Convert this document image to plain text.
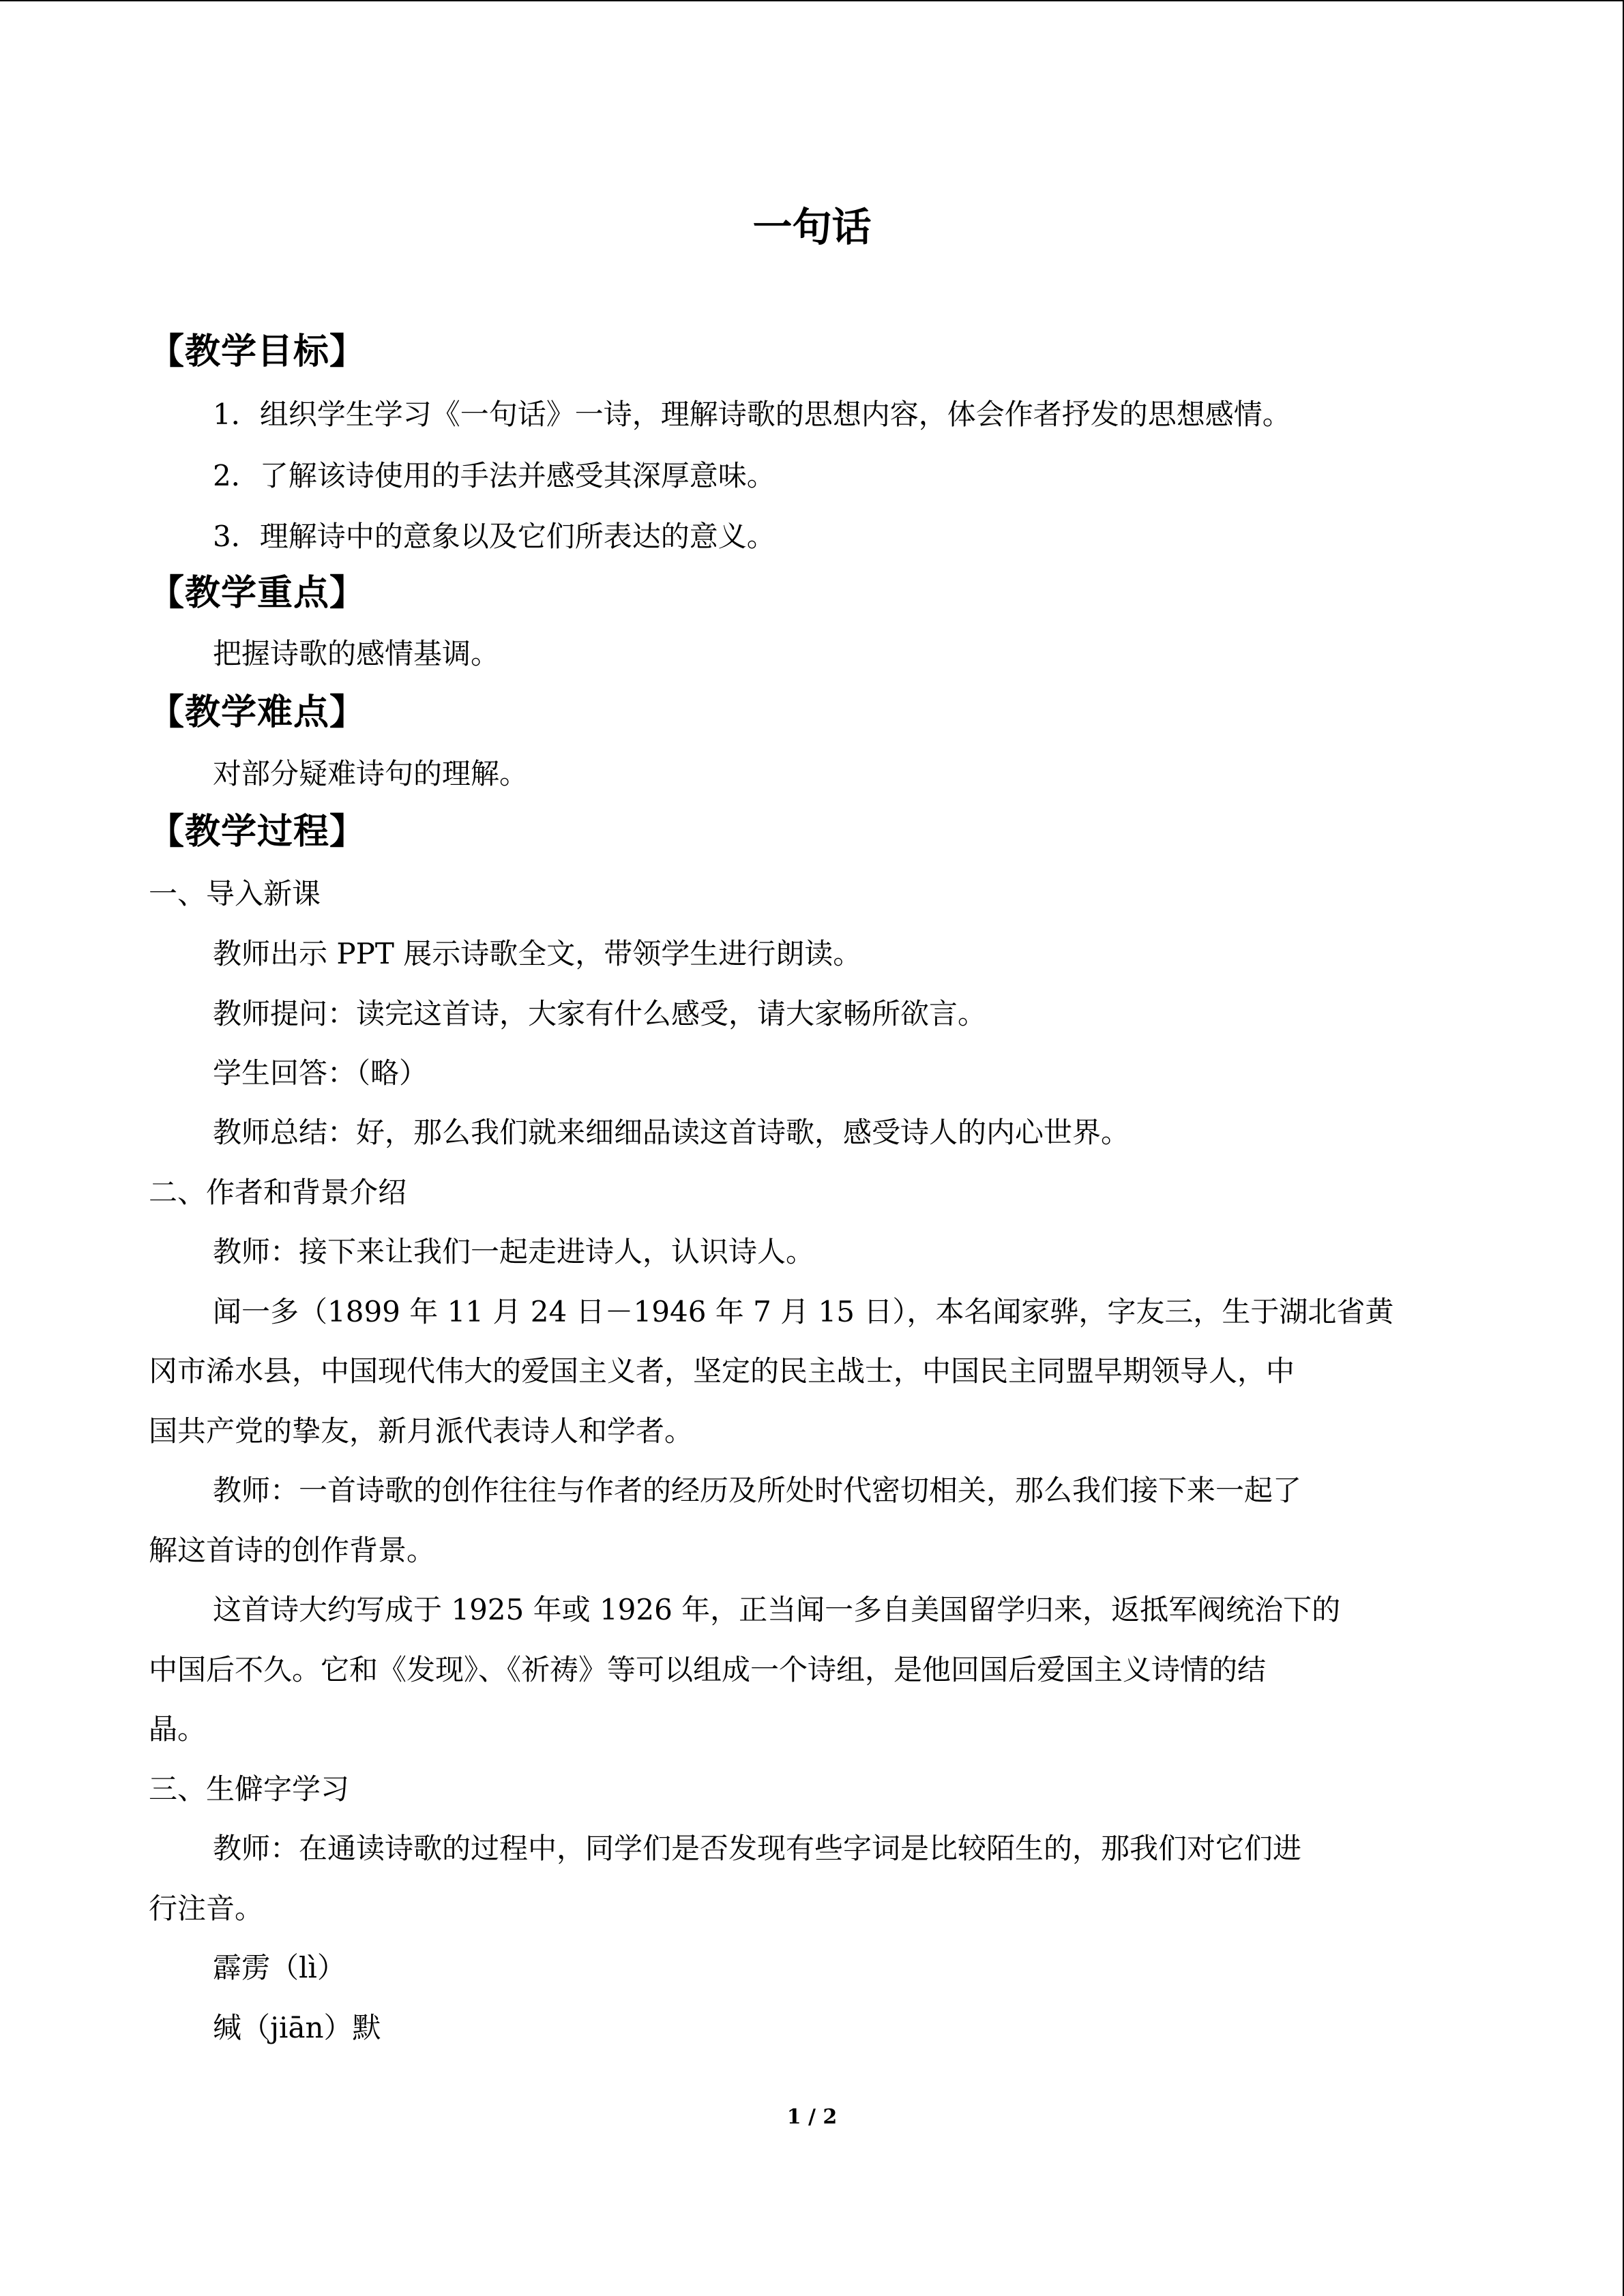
一句话
【教学目标】
1．组织学生学习《一句话》一诗，理解诗歌的思想内容，体会作者抒发的思想感情。
2．了解该诗使用的手法并感受其深厚意味。
3．理解诗中的意象以及它们所表达的意义。
【教学重点】
把握诗歌的感情基调。
【教学难点】
对部分疑难诗句的理解。
【教学过程】
一、导入新课
教师出示 PPT 展示诗歌全文，带领学生进行朗读。
教师提问：读完这首诗，大家有什么感受，请大家畅所欲言。
学生回答：（略）
教师总结：好，那么我们就来细细品读这首诗歌，感受诗人的内心世界。
二、作者和背景介绍
教师：接下来让我们一起走进诗人，认识诗人。
闻一多（1899 年 11 月 24 日－1946 年 7 月 15 日），本名闻家骅，字友三，生于湖北省黄
冈市浠水县，中国现代伟大的爱国主义者，坚定的民主战士，中国民主同盟早期领导人，中
国共产党的挚友，新月派代表诗人和学者。
教师：一首诗歌的创作往往与作者的经历及所处时代密切相关，那么我们接下来一起了
解这首诗的创作背景。
这首诗大约写成于 1925 年或 1926 年，正当闻一多自美国留学归来，返抵军阀统治下的
中国后不久。它和《发现》、《祈祷》等可以组成一个诗组，是他回国后爱国主义诗情的结
晶。
三、生僻字学习
教师：在通读诗歌的过程中，同学们是否发现有些字词是比较陌生的，那我们对它们进
行注音。
霹雳（lì）
缄（jiān）默
1 / 2
